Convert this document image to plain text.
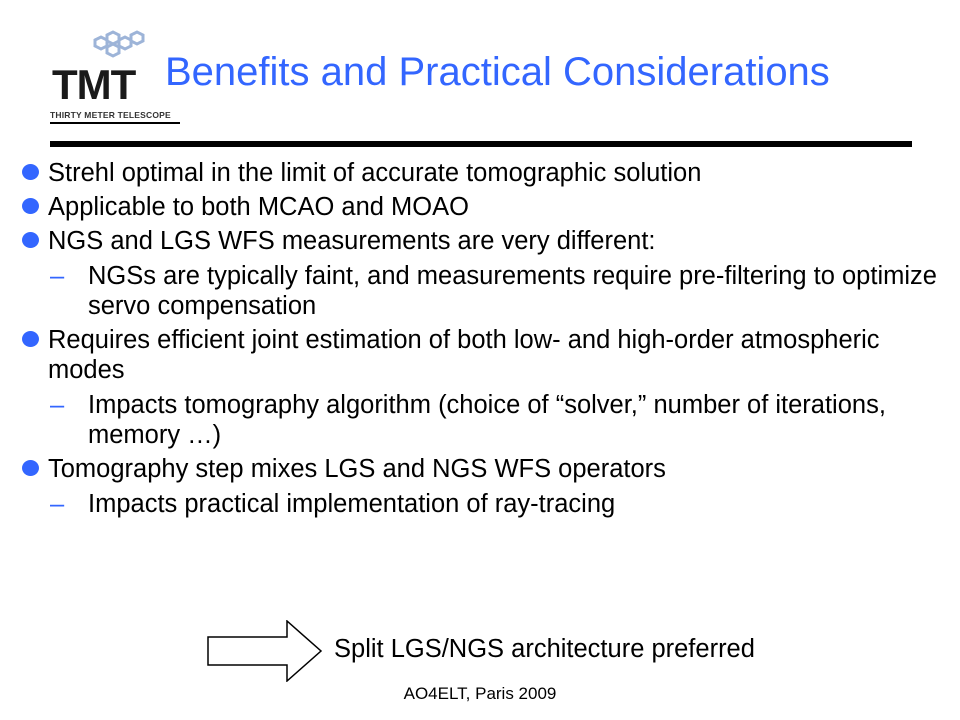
TMT
THIRTY METER TELESCOPE
Benefits and Practical Considerations
Strehl optimal in the limit of accurate tomographic solution
Applicable to both MCAO and MOAO
NGS and LGS WFS measurements are very different:
– NGSs are typically faint, and measurements require pre-filtering to optimize servo compensation
Requires efficient joint estimation of both low- and high-order atmospheric modes
– Impacts tomography algorithm (choice of “solver,” number of iterations, memory …)
Tomography step mixes LGS and NGS WFS operators
– Impacts practical implementation of ray-tracing
Split LGS/NGS architecture preferred
AO4ELT, Paris 2009
